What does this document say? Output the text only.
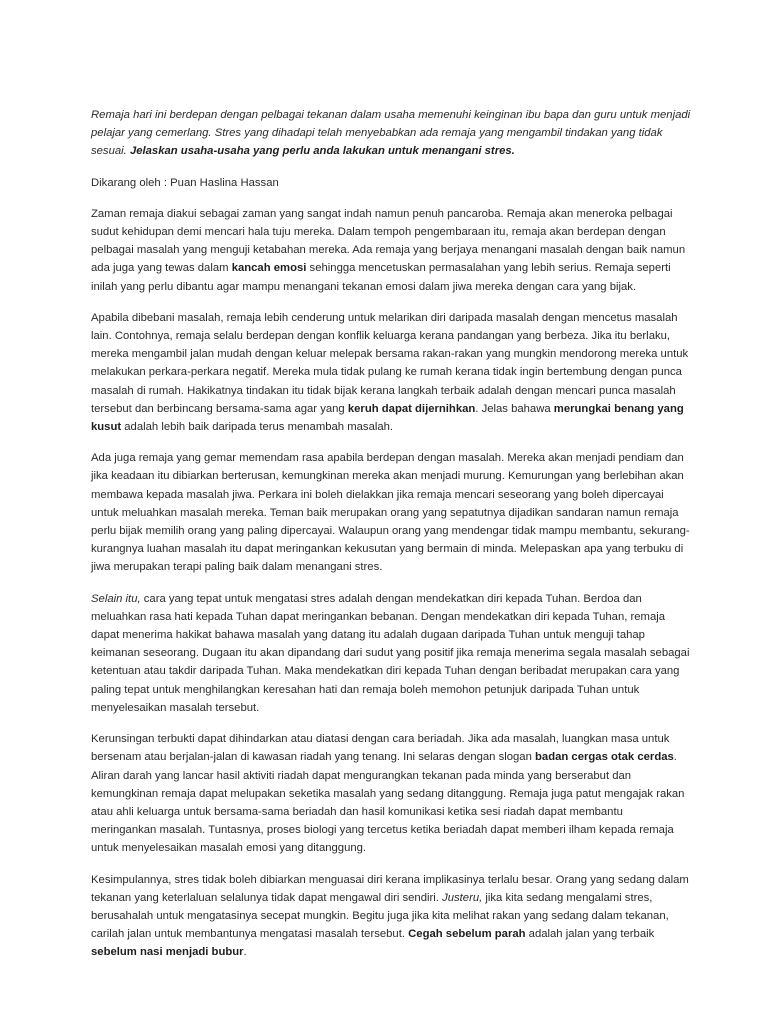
Remaja hari ini berdepan dengan pelbagai tekanan dalam usaha memenuhi keinginan ibu bapa dan guru untuk menjadi pelajar yang cemerlang. Stres yang dihadapi telah menyebabkan ada remaja yang mengambil tindakan yang tidak sesuai. Jelaskan usaha-usaha yang perlu anda lakukan untuk menangani stres.

Dikarang oleh : Puan Haslina Hassan

Zaman remaja diakui sebagai zaman yang sangat indah namun penuh pancaroba. Remaja akan meneroka pelbagai sudut kehidupan demi mencari hala tuju mereka. Dalam tempoh pengembaraan itu, remaja akan berdepan dengan pelbagai masalah yang menguji ketabahan mereka. Ada remaja yang berjaya menangani masalah dengan baik namun ada juga yang tewas dalam kancah emosi sehingga mencetuskan permasalahan yang lebih serius. Remaja seperti inilah yang perlu dibantu agar mampu menangani tekanan emosi dalam jiwa mereka dengan cara yang bijak.

Apabila dibebani masalah, remaja lebih cenderung untuk melarikan diri daripada masalah dengan mencetus masalah lain. Contohnya, remaja selalu berdepan dengan konflik keluarga kerana pandangan yang berbeza. Jika itu berlaku, mereka mengambil jalan mudah dengan keluar melepak bersama rakan-rakan yang mungkin mendorong mereka untuk melakukan perkara-perkara negatif. Mereka mula tidak pulang ke rumah kerana tidak ingin bertembung dengan punca masalah di rumah. Hakikatnya tindakan itu tidak bijak kerana langkah terbaik adalah dengan mencari punca masalah tersebut dan berbincang bersama-sama agar yang keruh dapat dijernihkan. Jelas bahawa merungkai benang yang kusut adalah lebih baik daripada terus menambah masalah.

Ada juga remaja yang gemar memendam rasa apabila berdepan dengan masalah. Mereka akan menjadi pendiam dan jika keadaan itu dibiarkan berterusan, kemungkinan mereka akan menjadi murung. Kemurungan yang berlebihan akan membawa kepada masalah jiwa. Perkara ini boleh dielakkan jika remaja mencari seseorang yang boleh dipercayai untuk meluahkan masalah mereka. Teman baik merupakan orang yang sepatutnya dijadikan sandaran namun remaja perlu bijak memilih orang yang paling dipercayai. Walaupun orang yang mendengar tidak mampu membantu, sekurang-kurangnya luahan masalah itu dapat meringankan kekusutan yang bermain di minda. Melepaskan apa yang terbuku di jiwa merupakan terapi paling baik dalam menangani stres.

Selain itu, cara yang tepat untuk mengatasi stres adalah dengan mendekatkan diri kepada Tuhan. Berdoa dan meluahkan rasa hati kepada Tuhan dapat meringankan bebanan. Dengan mendekatkan diri kepada Tuhan, remaja dapat menerima hakikat bahawa masalah yang datang itu adalah dugaan daripada Tuhan untuk menguji tahap keimanan seseorang. Dugaan itu akan dipandang dari sudut yang positif jika remaja menerima segala masalah sebagai ketentuan atau takdir daripada Tuhan. Maka mendekatkan diri kepada Tuhan dengan beribadat merupakan cara yang paling tepat untuk menghilangkan keresahan hati dan remaja boleh memohon petunjuk daripada Tuhan untuk menyelesaikan masalah tersebut.

Kerunsingan terbukti dapat dihindarkan atau diatasi dengan cara beriadah. Jika ada masalah, luangkan masa untuk bersenam atau berjalan-jalan di kawasan riadah yang tenang. Ini selaras dengan slogan badan cergas otak cerdas. Aliran darah yang lancar hasil aktiviti riadah dapat mengurangkan tekanan pada minda yang berserabut dan kemungkinan remaja dapat melupakan seketika masalah yang sedang ditanggung. Remaja juga patut mengajak rakan atau ahli keluarga untuk bersama-sama beriadah dan hasil komunikasi ketika sesi riadah dapat membantu meringankan masalah. Tuntasnya, proses biologi yang tercetus ketika beriadah dapat memberi ilham kepada remaja untuk menyelesaikan masalah emosi yang ditanggung.

Kesimpulannya, stres tidak boleh dibiarkan menguasai diri kerana implikasinya terlalu besar. Orang yang sedang dalam tekanan yang keterlaluan selalunya tidak dapat mengawal diri sendiri. Justeru, jika kita sedang mengalami stres, berusahalah untuk mengatasinya secepat mungkin. Begitu juga jika kita melihat rakan yang sedang dalam tekanan, carilah jalan untuk membantunya mengatasi masalah tersebut. Cegah sebelum parah adalah jalan yang terbaik sebelum nasi menjadi bubur.
